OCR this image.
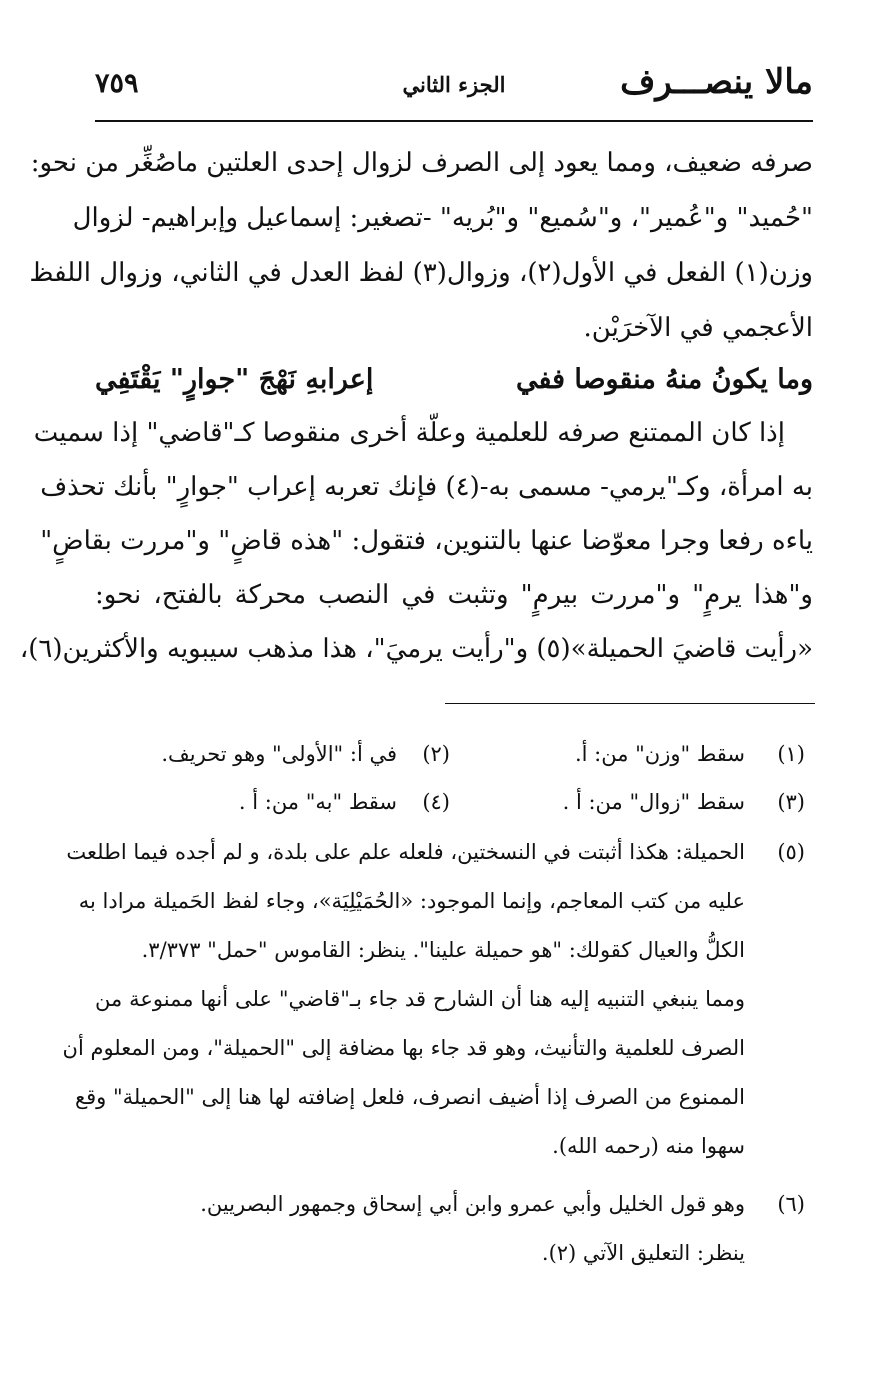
مالا ينصـــرف
الجزء الثاني
٧٥٩
صرفه ضعيف، ومما يعود إلى الصرف لزوال إحدى العلتين ماصُغِّر من نحو:
"حُميد" و"عُمير"، و"سُميع" و"بُريه" -تصغير: إسماعيل وإبراهيم- لزوال
وزن(١) الفعل في الأول(٢)، وزوال(٣) لفظ العدل في الثاني، وزوال اللفظ
الأعجمي في الآخرَيْن.
وما يكونُ منهُ منقوصا ففي
إعرابهِ نَهْجَ "جوارٍ" يَقْتَفِي
إذا كان الممتنع صرفه للعلمية وعلّة أخرى منقوصا كـ"قاضي" إذا سميت
به امرأة، وكـ"يرمي- مسمى به-(٤) فإنك تعربه إعراب "جوارٍ" بأنك تحذف
ياءه رفعا وجرا معوّضا عنها بالتنوين، فتقول: "هذه قاضٍ" و"مررت بقاضٍ"
و"هذا يرمٍ" و"مررت بيرمٍ" وتثبت في النصب محركة بالفتح، نحو:
«رأيت قاضيَ الحميلة»(٥) و"رأيت يرميَ"، هذا مذهب سيبويه والأكثرين(٦)،
(١)
سقط "وزن" من: أ.
(٢)
في أ: "الأولى" وهو تحريف.
(٣)
سقط "زوال" من: أ .
(٤)
سقط "به" من: أ .
(٥)
الحميلة: هكذا أثبتت في النسختين، فلعله علم على بلدة، و لم أجده فيما اطلعت
عليه من كتب المعاجم، وإنما الموجود: «الحُمَيْلِيَة»، وجاء لفظ الحَميلة مرادا به
الكلُّ والعيال كقولك: "هو حميلة علينا". ينظر: القاموس "حمل" ٣/٣٧٣.
ومما ينبغي التنبيه إليه هنا أن الشارح قد جاء بـ"قاضي" على أنها ممنوعة من
الصرف للعلمية والتأنيث، وهو قد جاء بها مضافة إلى "الحميلة"، ومن المعلوم أن
الممنوع من الصرف إذا أضيف انصرف، فلعل إضافته لها هنا إلى "الحميلة" وقع
سهوا منه (رحمه الله).
(٦)
وهو قول الخليل وأبي عمرو وابن أبي إسحاق وجمهور البصريين.
ينظر: التعليق الآتي (٢).
